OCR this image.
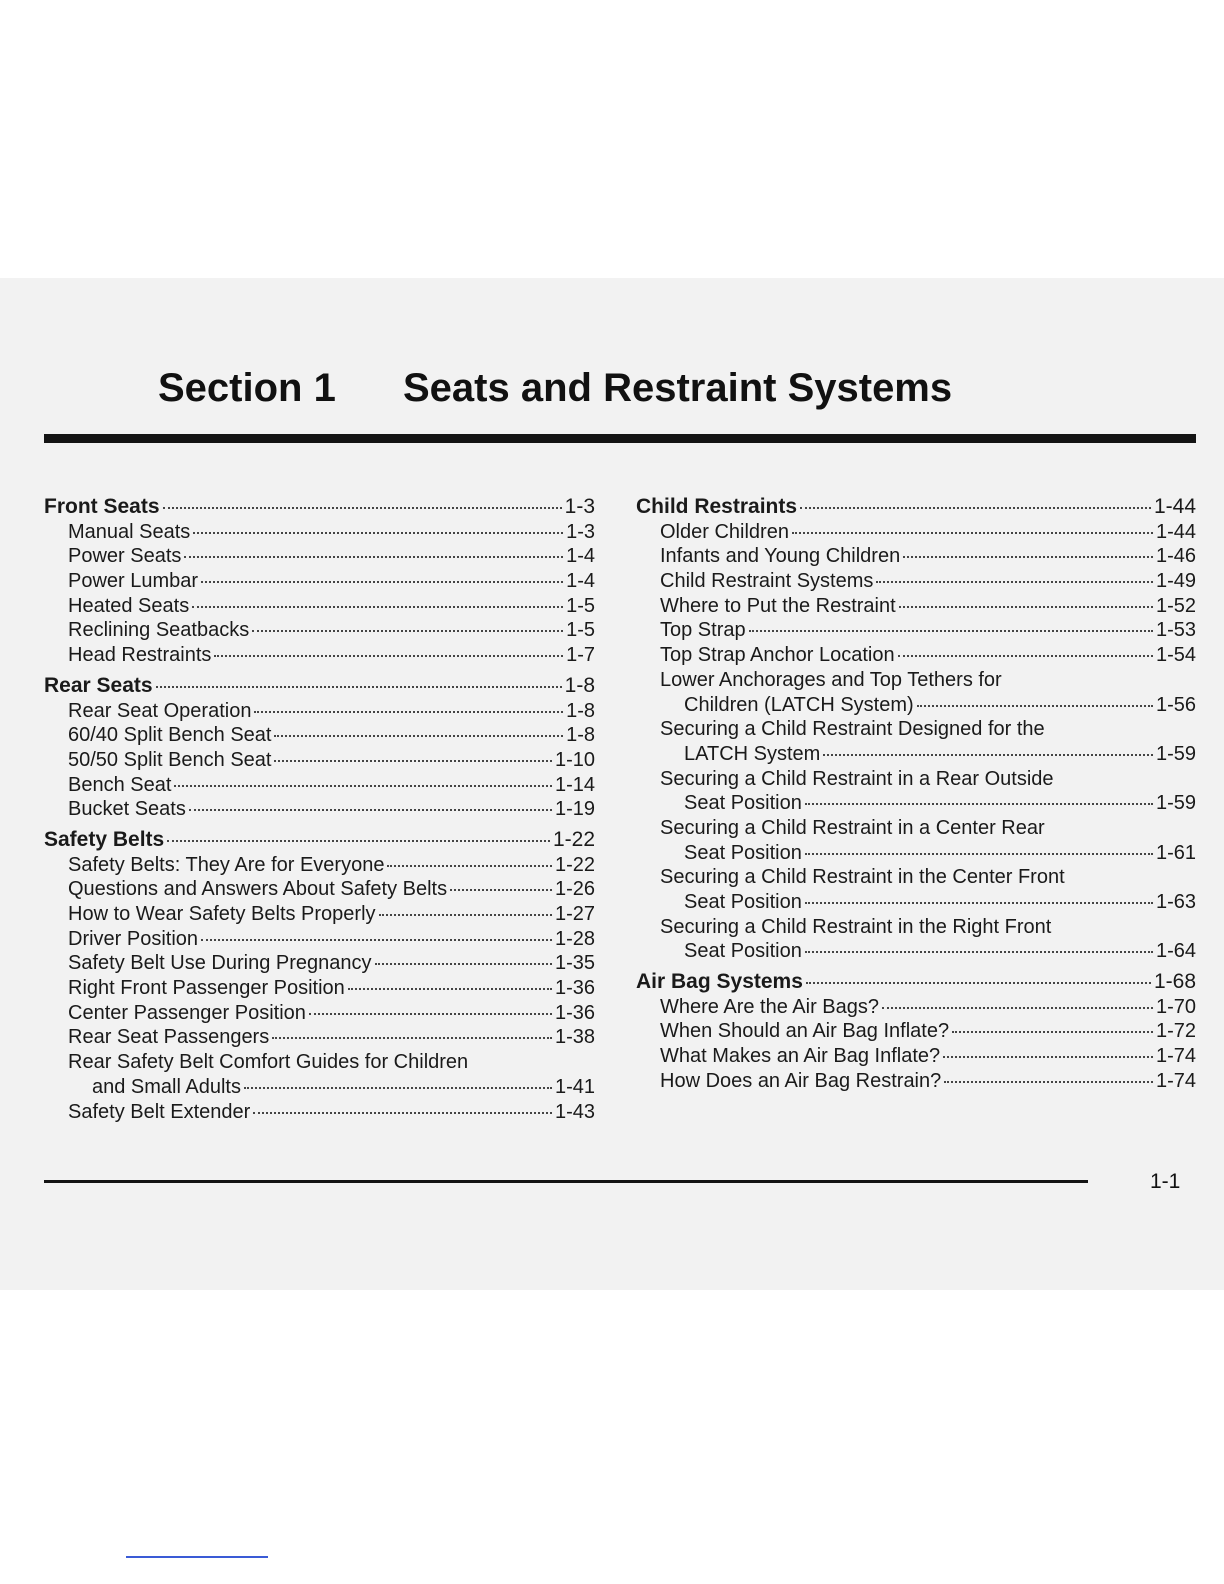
Section 1 Seats and Restraint Systems
Front Seats	1-3
Manual Seats	1-3
Power Seats	1-4
Power Lumbar	1-4
Heated Seats	1-5
Reclining Seatbacks	1-5
Head Restraints	1-7
Rear Seats	1-8
Rear Seat Operation	1-8
60/40 Split Bench Seat	1-8
50/50 Split Bench Seat	1-10
Bench Seat	1-14
Bucket Seats	1-19
Safety Belts	1-22
Safety Belts: They Are for Everyone	1-22
Questions and Answers About Safety Belts	1-26
How to Wear Safety Belts Properly	1-27
Driver Position	1-28
Safety Belt Use During Pregnancy	1-35
Right Front Passenger Position	1-36
Center Passenger Position	1-36
Rear Seat Passengers	1-38
Rear Safety Belt Comfort Guides for Children
and Small Adults	1-41
Safety Belt Extender	1-43
Child Restraints	1-44
Older Children	1-44
Infants and Young Children	1-46
Child Restraint Systems	1-49
Where to Put the Restraint	1-52
Top Strap	1-53
Top Strap Anchor Location	1-54
Lower Anchorages and Top Tethers for
Children (LATCH System)	1-56
Securing a Child Restraint Designed for the
LATCH System	1-59
Securing a Child Restraint in a Rear Outside
Seat Position	1-59
Securing a Child Restraint in a Center Rear
Seat Position	1-61
Securing a Child Restraint in the Center Front
Seat Position	1-63
Securing a Child Restraint in the Right Front
Seat Position	1-64
Air Bag Systems	1-68
Where Are the Air Bags?	1-70
When Should an Air Bag Inflate?	1-72
What Makes an Air Bag Inflate?	1-74
How Does an Air Bag Restrain?	1-74
1-1
